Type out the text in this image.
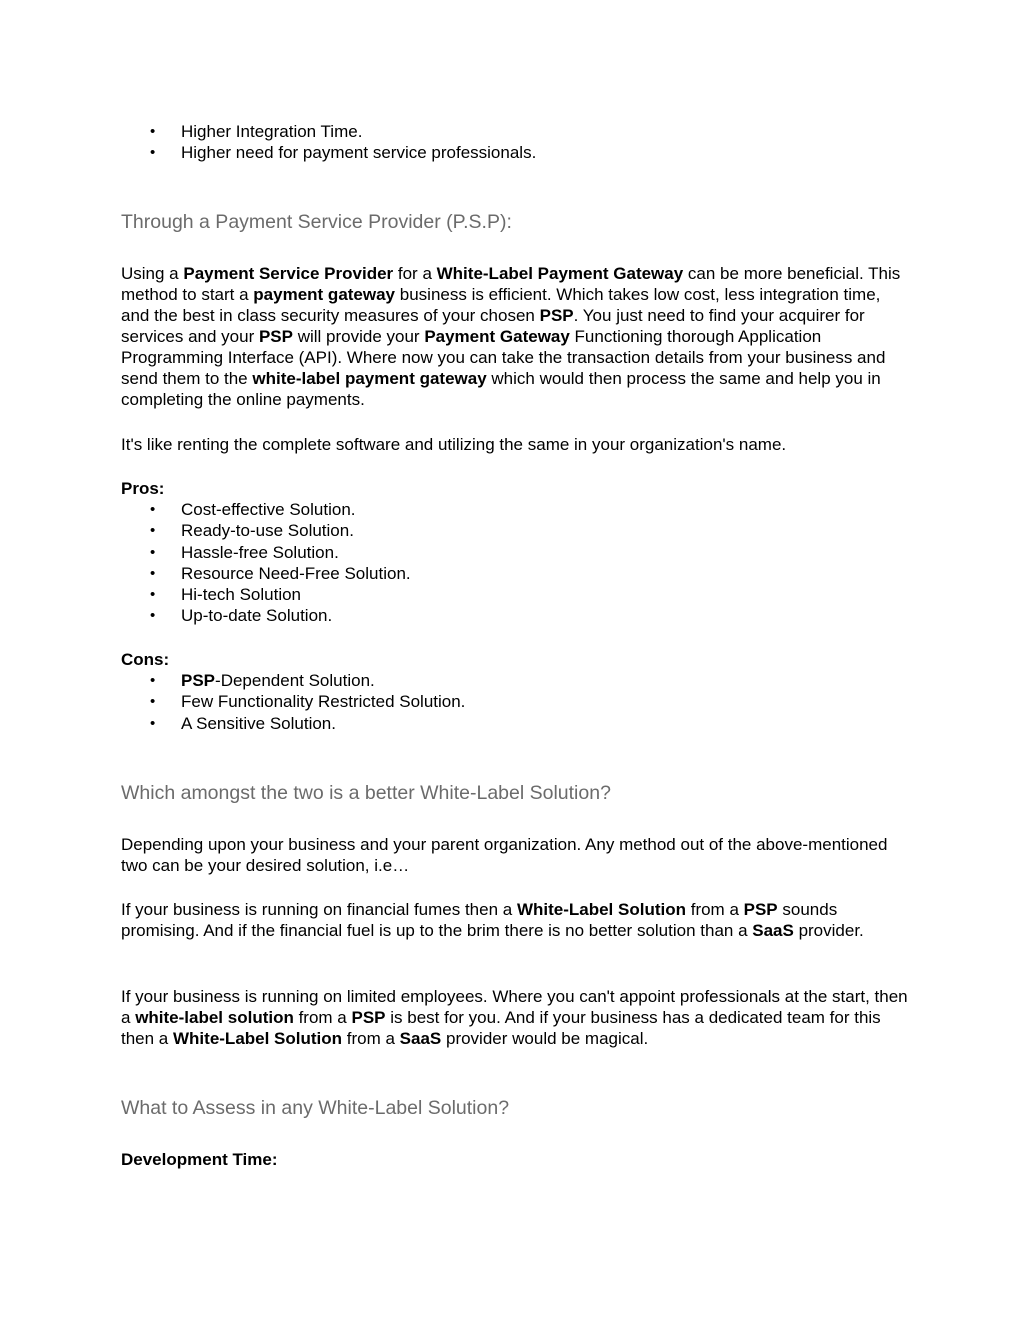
• Higher Integration Time.
• Higher need for payment service professionals.
Through a Payment Service Provider (P.S.P):

Using a Payment Service Provider for a White-Label Payment Gateway can be more beneficial. This method to start a payment gateway business is efficient. Which takes low cost, less integration time, and the best in class security measures of your chosen PSP. You just need to find your acquirer for services and your PSP will provide your Payment Gateway Functioning thorough Application Programming Interface (API). Where now you can take the transaction details from your business and send them to the white-label payment gateway which would then process the same and help you in completing the online payments.

It's like renting the complete software and utilizing the same in your organization's name.

Pros:

• Cost-effective Solution.
• Ready-to-use Solution.
• Hassle-free Solution.
• Resource Need-Free Solution.
• Hi-tech Solution
• Up-to-date Solution.

Cons:

• PSP-Dependent Solution.
• Few Functionality Restricted Solution.
• A Sensitive Solution.
Which amongst the two is a better White-Label Solution?

Depending upon your business and your parent organization. Any method out of the above-mentioned two can be your desired solution, i.e…

If your business is running on financial fumes then a White-Label Solution from a PSP sounds promising. And if the financial fuel is up to the brim there is no better solution than a SaaS provider.

If your business is running on limited employees. Where you can't appoint professionals at the start, then a white-label solution from a PSP is best for you. And if your business has a dedicated team for this then a White-Label Solution from a SaaS provider would be magical.

What to Assess in any White-Label Solution?

Development Time:
